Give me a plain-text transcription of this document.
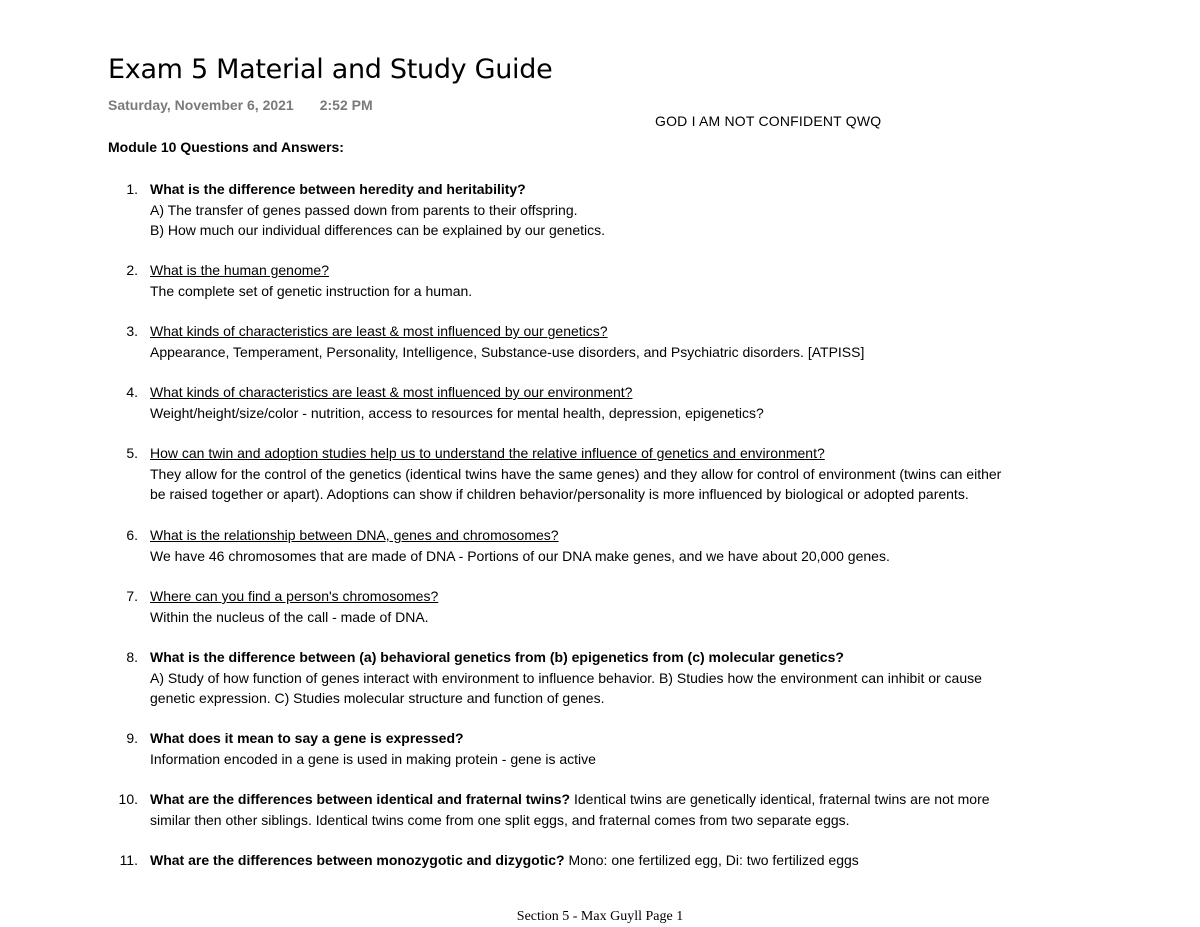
Exam 5 Material and Study Guide
Saturday, November 6, 2021 2:52 PM
GOD I AM NOT CONFIDENT QWQ
Module 10 Questions and Answers:
1. What is the difference between heredity and heritability?
A) The transfer of genes passed down from parents to their offspring.
B) How much our individual differences can be explained by our genetics.
2. What is the human genome?
The complete set of genetic instruction for a human.
3. What kinds of characteristics are least & most influenced by our genetics?
Appearance, Temperament, Personality, Intelligence, Substance-use disorders, and Psychiatric disorders. [ATPISS]
4. What kinds of characteristics are least & most influenced by our environment?
Weight/height/size/color - nutrition, access to resources for mental health, depression, epigenetics?
5. How can twin and adoption studies help us to understand the relative influence of genetics and environment?
They allow for the control of the genetics (identical twins have the same genes) and they allow for control of environment (twins can either
be raised together or apart). Adoptions can show if children behavior/personality is more influenced by biological or adopted parents.
6. What is the relationship between DNA, genes and chromosomes?
We have 46 chromosomes that are made of DNA - Portions of our DNA make genes, and we have about 20,000 genes.
7. Where can you find a person's chromosomes?
Within the nucleus of the call - made of DNA.
8. What is the difference between (a) behavioral genetics from (b) epigenetics from (c) molecular genetics?
A) Study of how function of genes interact with environment to influence behavior. B) Studies how the environment can inhibit or cause
genetic expression. C) Studies molecular structure and function of genes.
9. What does it mean to say a gene is expressed?
Information encoded in a gene is used in making protein - gene is active
10. What are the differences between identical and fraternal twins? Identical twins are genetically identical, fraternal twins are not more
similar then other siblings. Identical twins come from one split eggs, and fraternal comes from two separate eggs.
11. What are the differences between monozygotic and dizygotic? Mono: one fertilized egg, Di: two fertilized eggs
Section 5 - Max Guyll Page 1
